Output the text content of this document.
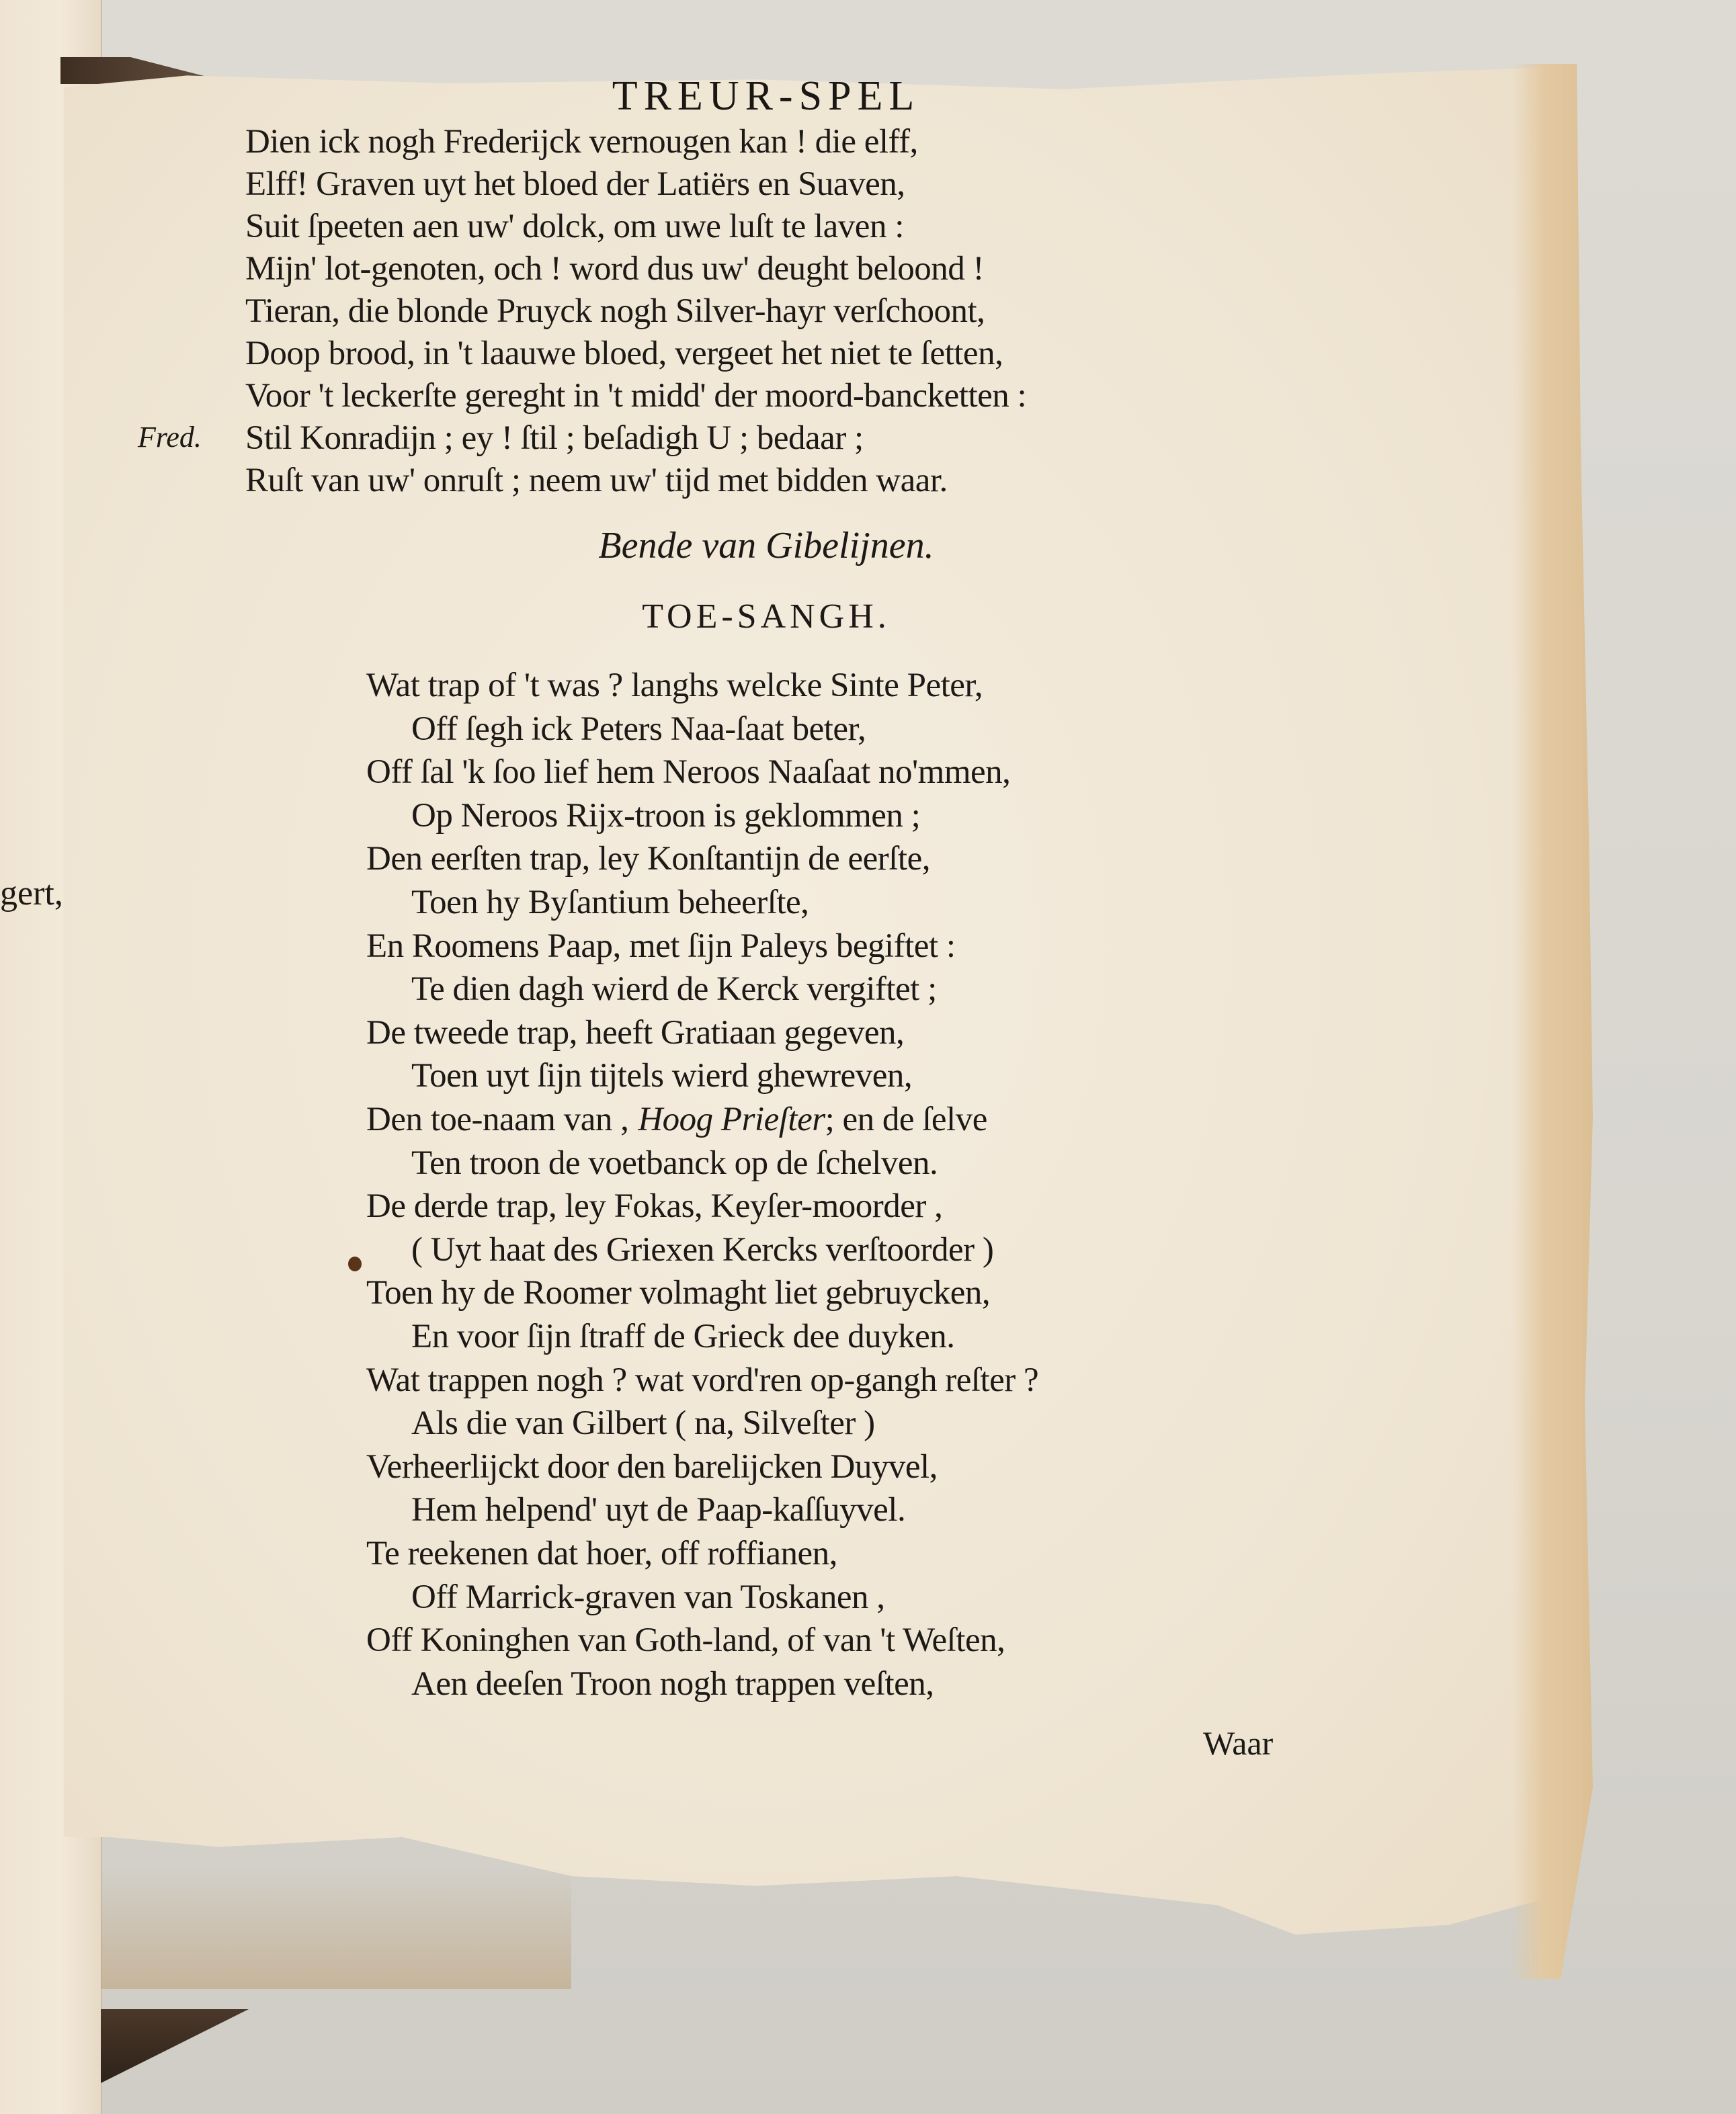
gert,
TREUR-SPEL
Dien ick nogh Frederijck vernougen kan ! die elff,
Elff! Graven uyt het bloed der Latiërs en Suaven,
Suit ſpeeten aen uw' dolck, om uwe luſt te laven :
Mijn' lot-genoten, och ! word dus uw' deught beloond !
Tieran, die blonde Pruyck nogh Silver-hayr verſchoont,
Doop brood, in 't laauwe bloed, vergeet het niet te ſetten,
Voor 't leckerſte gereght in 't midd' der moord-bancketten :
Fred. Stil Konradijn ; ey ! ſtil ; beſadigh U ; bedaar ;
Ruſt van uw' onruſt ; neem uw' tijd met bidden waar.
Bende van Gibelijnen.
TOE-SANGH.
Wat trap of 't was ? langhs welcke Sinte Peter,
Off ſegh ick Peters Naa-ſaat beter,
Off ſal 'k ſoo lief hem Neroos Naaſaat no'mmen,
Op Neroos Rijx-troon is geklommen ;
Den eerſten trap, ley Konſtantijn de eerſte,
Toen hy Byſantium beheerſte,
En Roomens Paap, met ſijn Paleys begiftet :
Te dien dagh wierd de Kerck vergiftet ;
De tweede trap, heeft Gratiaan gegeven,
Toen uyt ſijn tijtels wierd ghewreven,
Den toe-naam van , Hoog Prieſter; en de ſelve
Ten troon de voetbanck op de ſchelven.
De derde trap, ley Fokas, Keyſer-moorder ,
( Uyt haat des Griexen Kercks verſtoorder )
Toen hy de Roomer volmaght liet gebruycken,
En voor ſijn ſtraff de Grieck dee duyken.
Wat trappen nogh ? wat vord'ren op-gangh reſter ?
Als die van Gilbert ( na, Silveſter )
Verheerlijckt door den barelijcken Duyvel,
Hem helpend' uyt de Paap-kaſſuyvel.
Te reekenen dat hoer, off roffianen,
Off Marrick-graven van Toskanen ,
Off Koninghen van Goth-land, of van 't Weſten,
Aen deeſen Troon nogh trappen veſten,
Waar
